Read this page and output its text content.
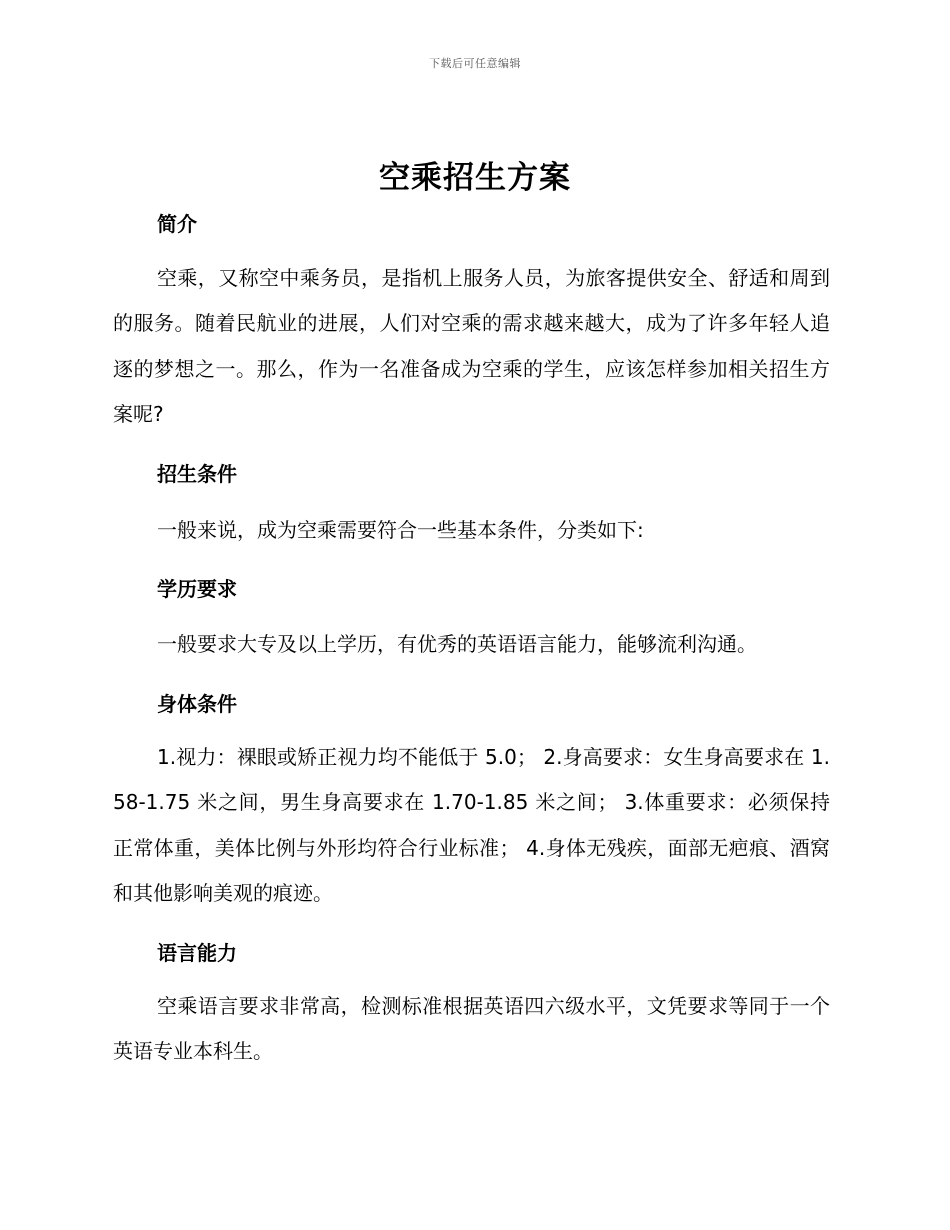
下载后可任意编辑
空乘招生方案
简介

空乘，又称空中乘务员，是指机上服务人员，为旅客提供安全、舒适和周到的服务。随着民航业的进展，人们对空乘的需求越来越大，成为了许多年轻人追逐的梦想之一。那么，作为一名准备成为空乘的学生，应该怎样参加相关招生方案呢?

招生条件

一般来说，成为空乘需要符合一些基本条件，分类如下:

学历要求

一般要求大专及以上学历，有优秀的英语语言能力，能够流利沟通。

身体条件

1.视力：裸眼或矫正视力均不能低于 5.0； 2.身高要求：女生身高要求在 1.58-1.75 米之间，男生身高要求在 1.70-1.85 米之间； 3.体重要求：必须保持正常体重，美体比例与外形均符合行业标准； 4.身体无残疾，面部无疤痕、酒窝和其他影响美观的痕迹。

语言能力

空乘语言要求非常高，检测标准根据英语四六级水平，文凭要求等同于一个英语专业本科生。
